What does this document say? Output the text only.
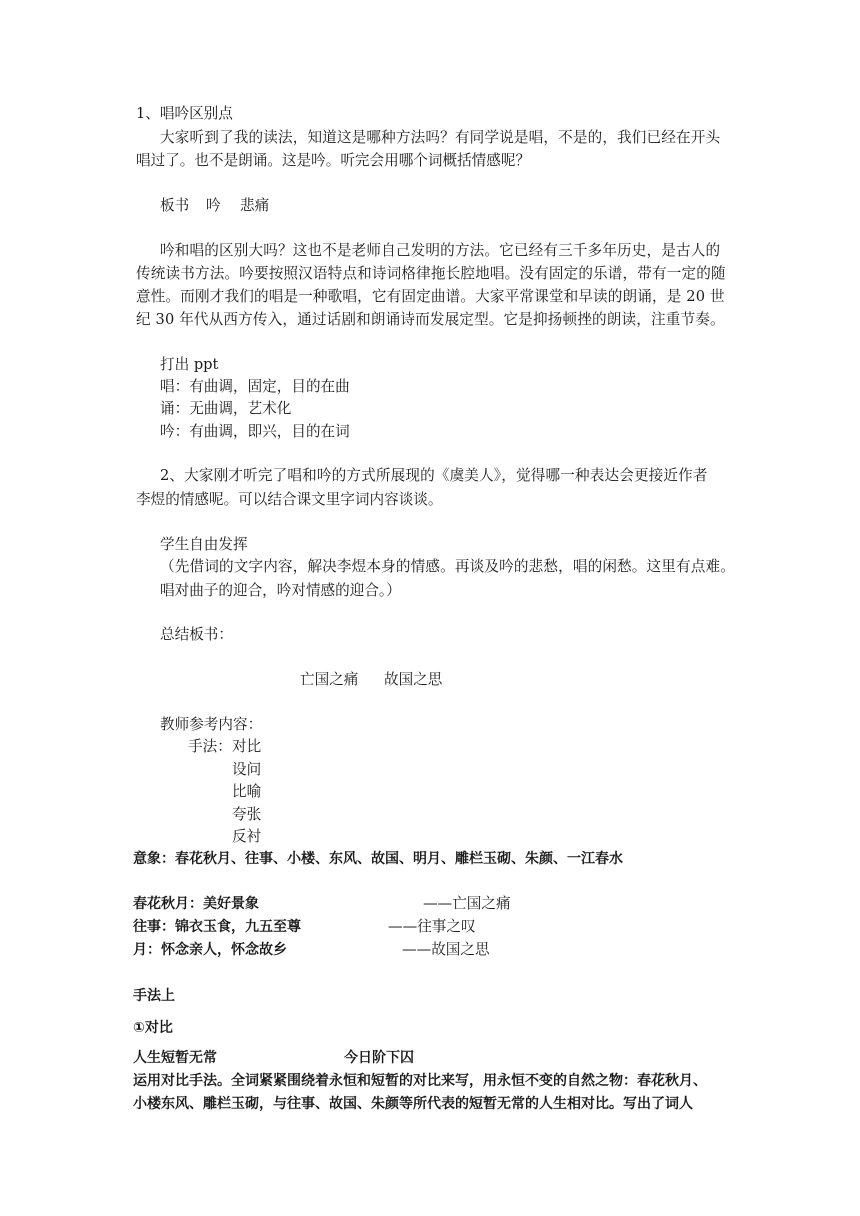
1、唱吟区别点
大家听到了我的读法，知道这是哪种方法吗？有同学说是唱，不是的，我们已经在开头
唱过了。也不是朗诵。这是吟。听完会用哪个词概括情感呢？
板书 吟 悲痛
吟和唱的区别大吗？这也不是老师自己发明的方法。它已经有三千多年历史，是古人的
传统读书方法。吟要按照汉语特点和诗词格律拖长腔地唱。没有固定的乐谱，带有一定的随
意性。而刚才我们的唱是一种歌唱，它有固定曲谱。大家平常课堂和早读的朗诵，是 20 世
纪 30 年代从西方传入，通过话剧和朗诵诗而发展定型。它是抑扬顿挫的朗读，注重节奏。
打出 ppt
唱：有曲调，固定，目的在曲
诵：无曲调，艺术化
吟：有曲调，即兴，目的在词
2、大家刚才听完了唱和吟的方式所展现的《虞美人》，觉得哪一种表达会更接近作者
李煜的情感呢。可以结合课文里字词内容谈谈。
学生自由发挥
（先借词的文字内容，解决李煜本身的情感。再谈及吟的悲愁，唱的闲愁。这里有点难。
唱对曲子的迎合，吟对情感的迎合。）
总结板书：
亡国之痛 故国之思
教师参考内容：
手法： 对比
设问
比喻
夸张
反衬
意象：春花秋月、往事、小楼、东风、故国、明月、雕栏玉砌、朱颜、一江春水
春花秋月：美好景象	——亡国之痛
往事：锦衣玉食，九五至尊	——往事之叹
月：怀念亲人，怀念故乡	——故国之思
手法上
①对比
人生短暂无常	今日阶下囚
运用对比手法。全词紧紧围绕着永恒和短暂的对比来写，用永恒不变的自然之物：春花秋月、
小楼东风、雕栏玉砌，与往事、故国、朱颜等所代表的短暂无常的人生相对比。写出了词人
